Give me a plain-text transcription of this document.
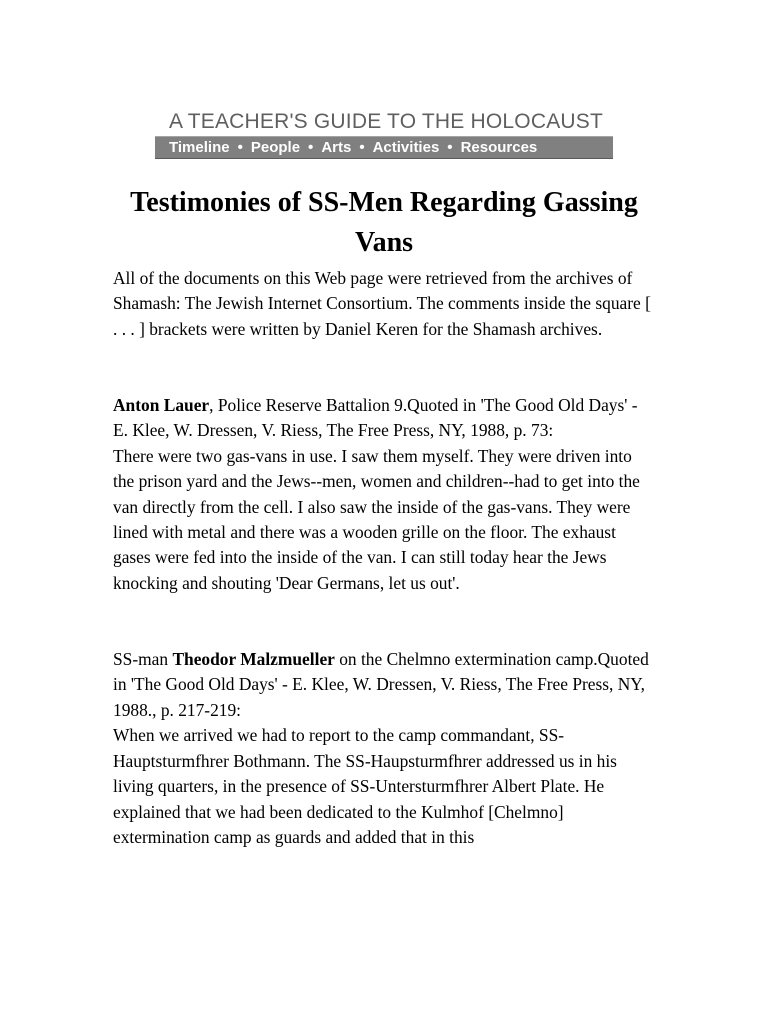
A TEACHER'S GUIDE TO THE HOLOCAUST
Timeline • People • Arts • Activities • Resources
Testimonies of SS-Men Regarding Gassing Vans

All of the documents on this Web page were retrieved from the archives of Shamash: The Jewish Internet Consortium. The comments inside the square [ . . . ] brackets were written by Daniel Keren for the Shamash archives.

Anton Lauer, Police Reserve Battalion 9.Quoted in 'The Good Old Days' - E. Klee, W. Dressen, V. Riess, The Free Press, NY, 1988, p. 73:

There were two gas-vans in use. I saw them myself. They were driven into the prison yard and the Jews--men, women and children--had to get into the van directly from the cell. I also saw the inside of the gas-vans. They were lined with metal and there was a wooden grille on the floor. The exhaust gases were fed into the inside of the van. I can still today hear the Jews knocking and shouting 'Dear Germans, let us out'.

SS-man Theodor Malzmueller on the Chelmno extermination camp.Quoted in 'The Good Old Days' - E. Klee, W. Dressen, V. Riess, The Free Press, NY, 1988., p. 217-219:

When we arrived we had to report to the camp commandant, SS-Hauptsturmfhrer Bothmann. The SS-Haupsturmfhrer addressed us in his living quarters, in the presence of SS-Untersturmfhrer Albert Plate. He explained that we had been dedicated to the Kulmhof [Chelmno] extermination camp as guards and added that in this
